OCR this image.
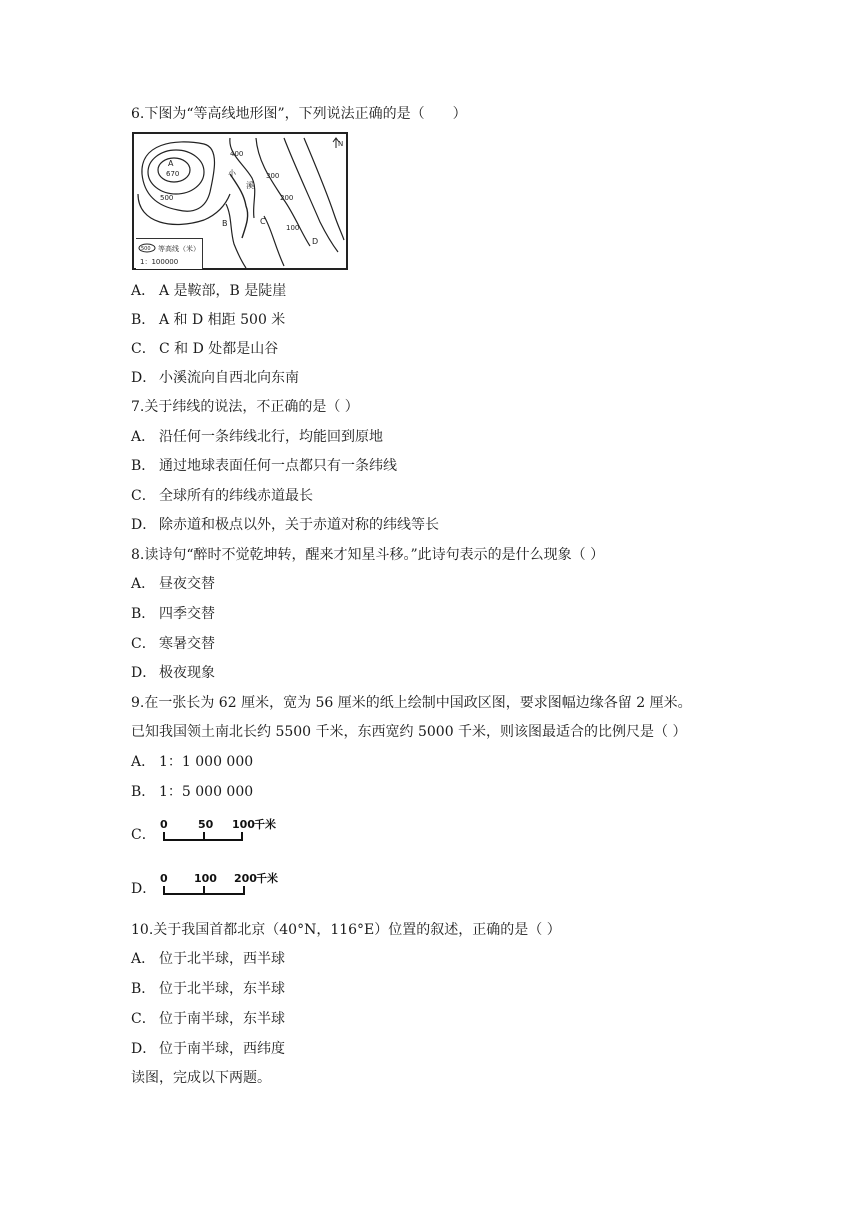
6.下图为“等高线地形图”，下列说法正确的是（　　）
A
670
400
300
200
100
500
小
溪
B	C
D
N
500 等高线（米）
1：100000
A． A 是鞍部，B 是陡崖
B． A 和 D 相距 500 米
C． C 和 D 处都是山谷
D． 小溪流向自西北向东南
7.关于纬线的说法，不正确的是（ ）
A． 沿任何一条纬线北行，均能回到原地
B． 通过地球表面任何一点都只有一条纬线
C． 全球所有的纬线赤道最长
D． 除赤道和极点以外，关于赤道对称的纬线等长
8.读诗句“醉时不觉乾坤转，醒来才知星斗移。”此诗句表示的是什么现象（ ）
A． 昼夜交替
B． 四季交替
C． 寒暑交替
D． 极夜现象
9.在一张长为 62 厘米，宽为 56 厘米的纸上绘制中国政区图，要求图幅边缘各留 2 厘米。
已知我国领土南北长约 5500 千米，东西宽约 5000 千米，则该图最适合的比例尺是（ ）
A． 1：1 000 000
B． 1：5 000 000
C．
0	50 100 千米
D．
0 100 200 千米
10.关于我国首都北京（40°N，116°E）位置的叙述，正确的是（ ）
A． 位于北半球，西半球
B． 位于北半球，东半球
C． 位于南半球，东半球
D． 位于南半球，西纬度
读图，完成以下两题。
